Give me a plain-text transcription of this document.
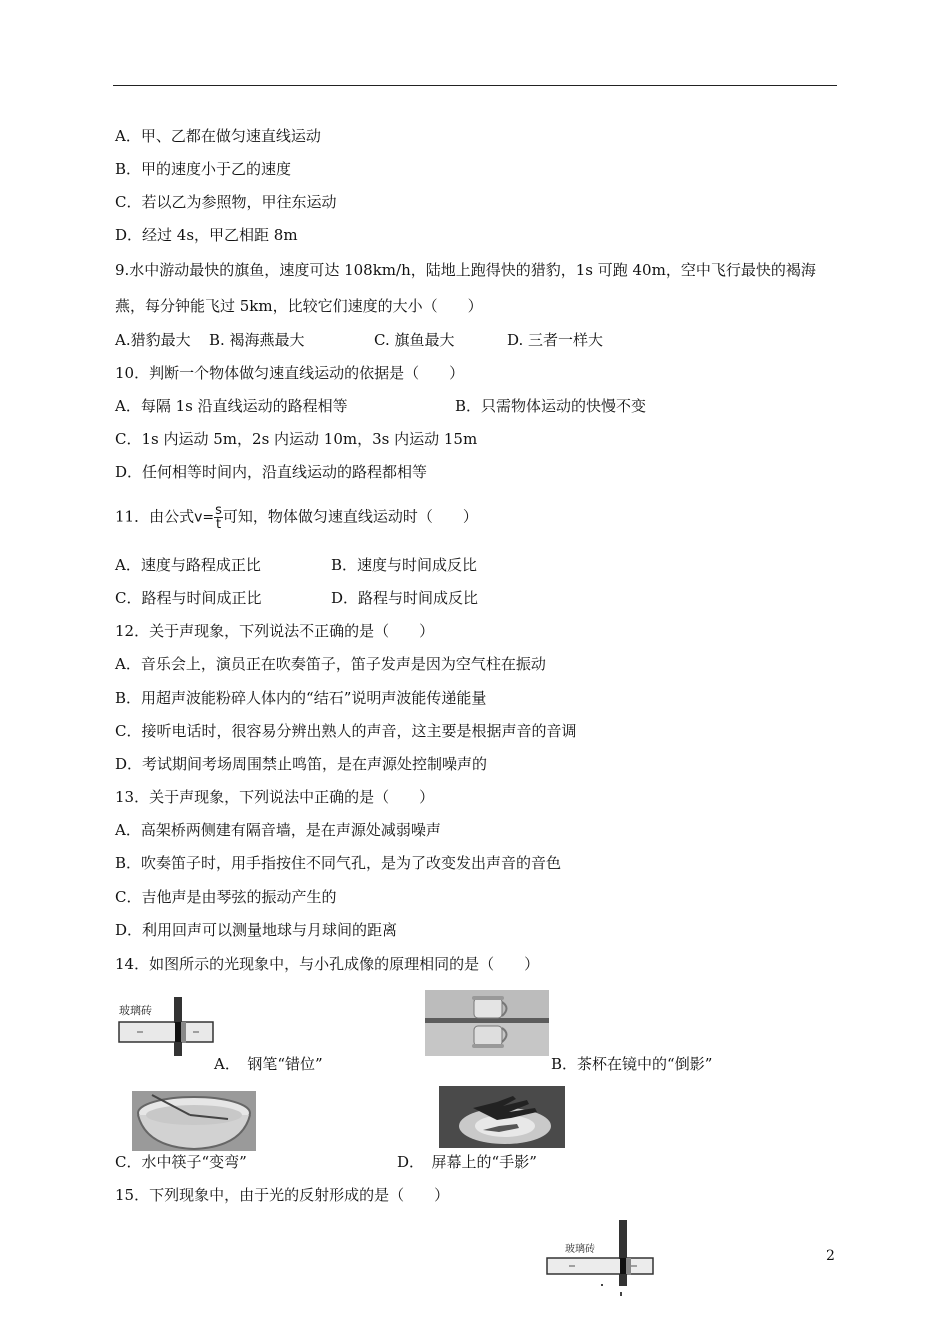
A．甲、乙都在做匀速直线运动
B．甲的速度小于乙的速度
C．若以乙为参照物，甲往东运动
D．经过 4s，甲乙相距 8m
9.水中游动最快的旗鱼，速度可达 108km/h，陆地上跑得快的猎豹，1s 可跑 40m，空中飞行最快的褐海
燕，每分钟能飞过 5km，比较它们速度的大小（　　）
A.猎豹最大 B. 褐海燕最大	C. 旗鱼最大	D. 三者一样大
10．判断一个物体做匀速直线运动的依据是（　　）
A．每隔 1s 沿直线运动的路程相等	B．只需物体运动的快慢不变
C．1s 内运动 5m，2s 内运动 10m，3s 内运动 15m
D．任何相等时间内，沿直线运动的路程都相等
11．由公式$v= \frac{s}{t}$ 可知，物体做匀速直线运动时（　　）
A．速度与路程成正比	B．速度与时间成反比
C．路程与时间成正比	D．路程与时间成反比
12．关于声现象，下列说法不正确的是（　　）
A．音乐会上，演员正在吹奏笛子，笛子发声是因为空气柱在振动
B．用超声波能粉碎人体内的“结石”说明声波能传递能量
C．接听电话时，很容易分辨出熟人的声音，这主要是根据声音的音调
D．考试期间考场周围禁止鸣笛，是在声源处控制噪声的
13．关于声现象，下列说法中正确的是（　　）
A．高架桥两侧建有隔音墙，是在声源处减弱噪声
B．吹奏笛子时，用手指按住不同气孔，是为了改变发出声音的音色
C．吉他声是由琴弦的振动产生的
D．利用回声可以测量地球与月球间的距离
14．如图所示的光现象中，与小孔成像的原理相同的是（　　）
玻璃砖
A．　钢笔“错位”	B．茶杯在镜中的“倒影”
C．水中筷子“变弯”	D．　屏幕上的“手影”
15．下列现象中，由于光的反射形成的是（　　）
玻璃砖	2
